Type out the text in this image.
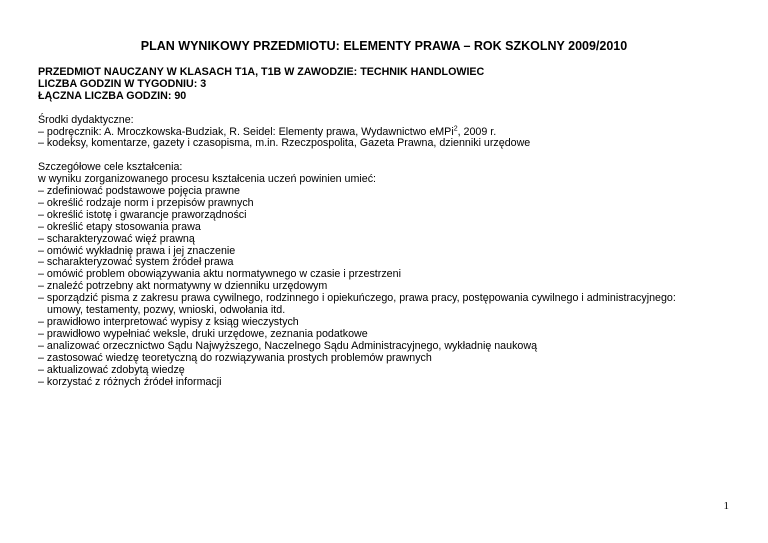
PLAN WYNIKOWY PRZEDMIOTU: ELEMENTY PRAWA – ROK SZKOLNY 2009/2010
PRZEDMIOT NAUCZANY W KLASACH T1A, T1B W ZAWODZIE: TECHNIK HANDLOWIEC
LICZBA GODZIN W TYGODNIU: 3
ŁĄCZNA LICZBA GODZIN: 90
Środki dydaktyczne:
– podręcznik: A. Mroczkowska-Budziak, R. Seidel: Elementy prawa, Wydawnictwo eMPi$^2$, 2009 r.
– kodeksy, komentarze, gazety i czasopisma, m.in. Rzeczpospolita, Gazeta Prawna, dzienniki urzędowe
Szczegółowe cele kształcenia:
w wyniku zorganizowanego procesu kształcenia uczeń powinien umieć:
– zdefiniować podstawowe pojęcia prawne
– określić rodzaje norm i przepisów prawnych
– określić istotę i gwarancje praworządności
– określić etapy stosowania prawa
– scharakteryzować więź prawną
– omówić wykładnię prawa i jej znaczenie
– scharakteryzować system źródeł prawa
– omówić problem obowiązywania aktu normatywnego w czasie i przestrzeni
– znaleźć potrzebny akt normatywny w dzienniku urzędowym
– sporządzić pisma z zakresu prawa cywilnego, rodzinnego i opiekuńczego, prawa pracy, postępowania cywilnego i administracyjnego:
umowy, testamenty, pozwy, wnioski, odwołania itd.
– prawidłowo interpretować wypisy z ksiąg wieczystych
– prawidłowo wypełniać weksle, druki urzędowe, zeznania podatkowe
– analizować orzecznictwo Sądu Najwyższego, Naczelnego Sądu Administracyjnego, wykładnię naukową
– zastosować wiedzę teoretyczną do rozwiązywania prostych problemów prawnych
– aktualizować zdobytą wiedzę
– korzystać z różnych źródeł informacji
1
